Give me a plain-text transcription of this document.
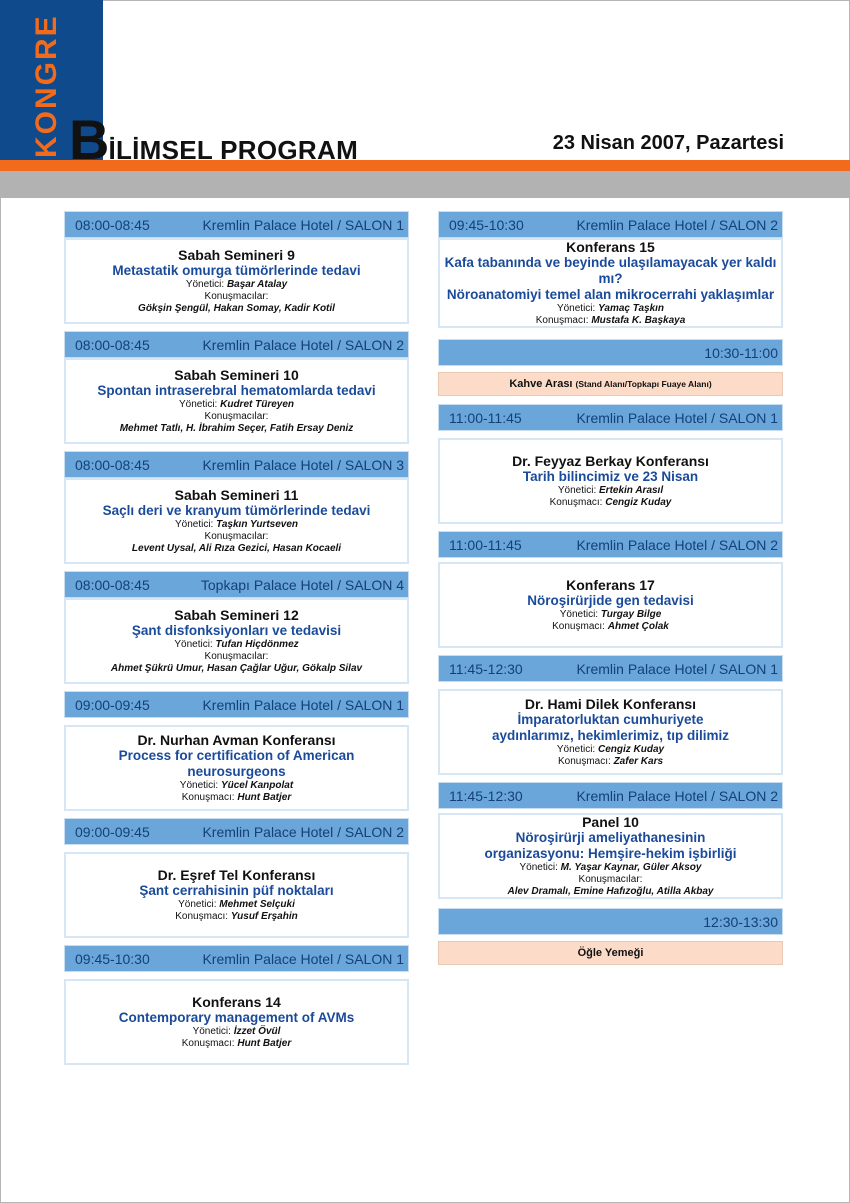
KONGRE BİLİMSEL PROGRAM	23 Nisan 2007, Pazartesi
08:00-08:45	Kremlin Palace Hotel / SALON 1
Sabah Semineri 9
Metastatik omurga tümörlerinde tedavi
Yönetici: Başar Atalay
Konuşmacılar:
Gökşin Şengül, Hakan Somay, Kadir Kotil
08:00-08:45	Kremlin Palace Hotel / SALON 2
Sabah Semineri 10
Spontan intraserebral hematomlarda tedavi
Yönetici: Kudret Türeyen
Konuşmacılar:
Mehmet Tatlı, H. İbrahim Seçer, Fatih Ersay Deniz
08:00-08:45	Kremlin Palace Hotel / SALON 3
Sabah Semineri 11
Saçlı deri ve kranyum tümörlerinde tedavi
Yönetici: Taşkın Yurtseven
Konuşmacılar:
Levent Uysal, Ali Rıza Gezici, Hasan Kocaeli
08:00-08:45	Topkapı Palace Hotel / SALON 4
Sabah Semineri 12
Şant disfonksiyonları ve tedavisi
Yönetici: Tufan Hiçdönmez
Konuşmacılar:
Ahmet Şükrü Umur, Hasan Çağlar Uğur, Gökalp Silav
09:00-09:45	Kremlin Palace Hotel / SALON 1
Dr. Nurhan Avman Konferansı
Process for certification of American neurosurgeons
Yönetici: Yücel Kanpolat
Konuşmacı: Hunt Batjer
09:00-09:45	Kremlin Palace Hotel / SALON 2
Dr. Eşref Tel Konferansı
Şant cerrahisinin püf noktaları
Yönetici: Mehmet Selçuki
Konuşmacı: Yusuf Erşahin
09:45-10:30	Kremlin Palace Hotel / SALON 1
Konferans 14
Contemporary management of AVMs
Yönetici: İzzet Övül
Konuşmacı: Hunt Batjer
09:45-10:30	Kremlin Palace Hotel / SALON 2
Konferans 15
Kafa tabanında ve beyinde ulaşılamayacak yer kaldı mı?
Nöroanatomiyi temel alan mikrocerrahi yaklaşımlar
Yönetici: Yamaç Taşkın
Konuşmacı: Mustafa K. Başkaya
10:30-11:00
Kahve Arası (Stand Alanı/Topkapı Fuaye Alanı)
11:00-11:45	Kremlin Palace Hotel / SALON 1
Dr. Feyyaz Berkay Konferansı
Tarih bilincimiz ve 23 Nisan
Yönetici: Ertekin Arasıl
Konuşmacı: Cengiz Kuday
11:00-11:45	Kremlin Palace Hotel / SALON 2
Konferans 17
Nöroşirürjide gen tedavisi
Yönetici: Turgay Bilge
Konuşmacı: Ahmet Çolak
11:45-12:30	Kremlin Palace Hotel / SALON 1
Dr. Hami Dilek Konferansı
İmparatorluktan cumhuriyete
aydınlarımız, hekimlerimiz, tıp dilimiz
Yönetici: Cengiz Kuday
Konuşmacı: Zafer Kars
11:45-12:30	Kremlin Palace Hotel / SALON 2
Panel 10
Nöroşirürji ameliyathanesinin
organizasyonu: Hemşire-hekim işbirliği
Yönetici: M. Yaşar Kaynar, Güler Aksoy
Konuşmacılar:
Alev Dramalı, Emine Hafızoğlu, Atilla Akbay
12:30-13:30
Öğle Yemeği
